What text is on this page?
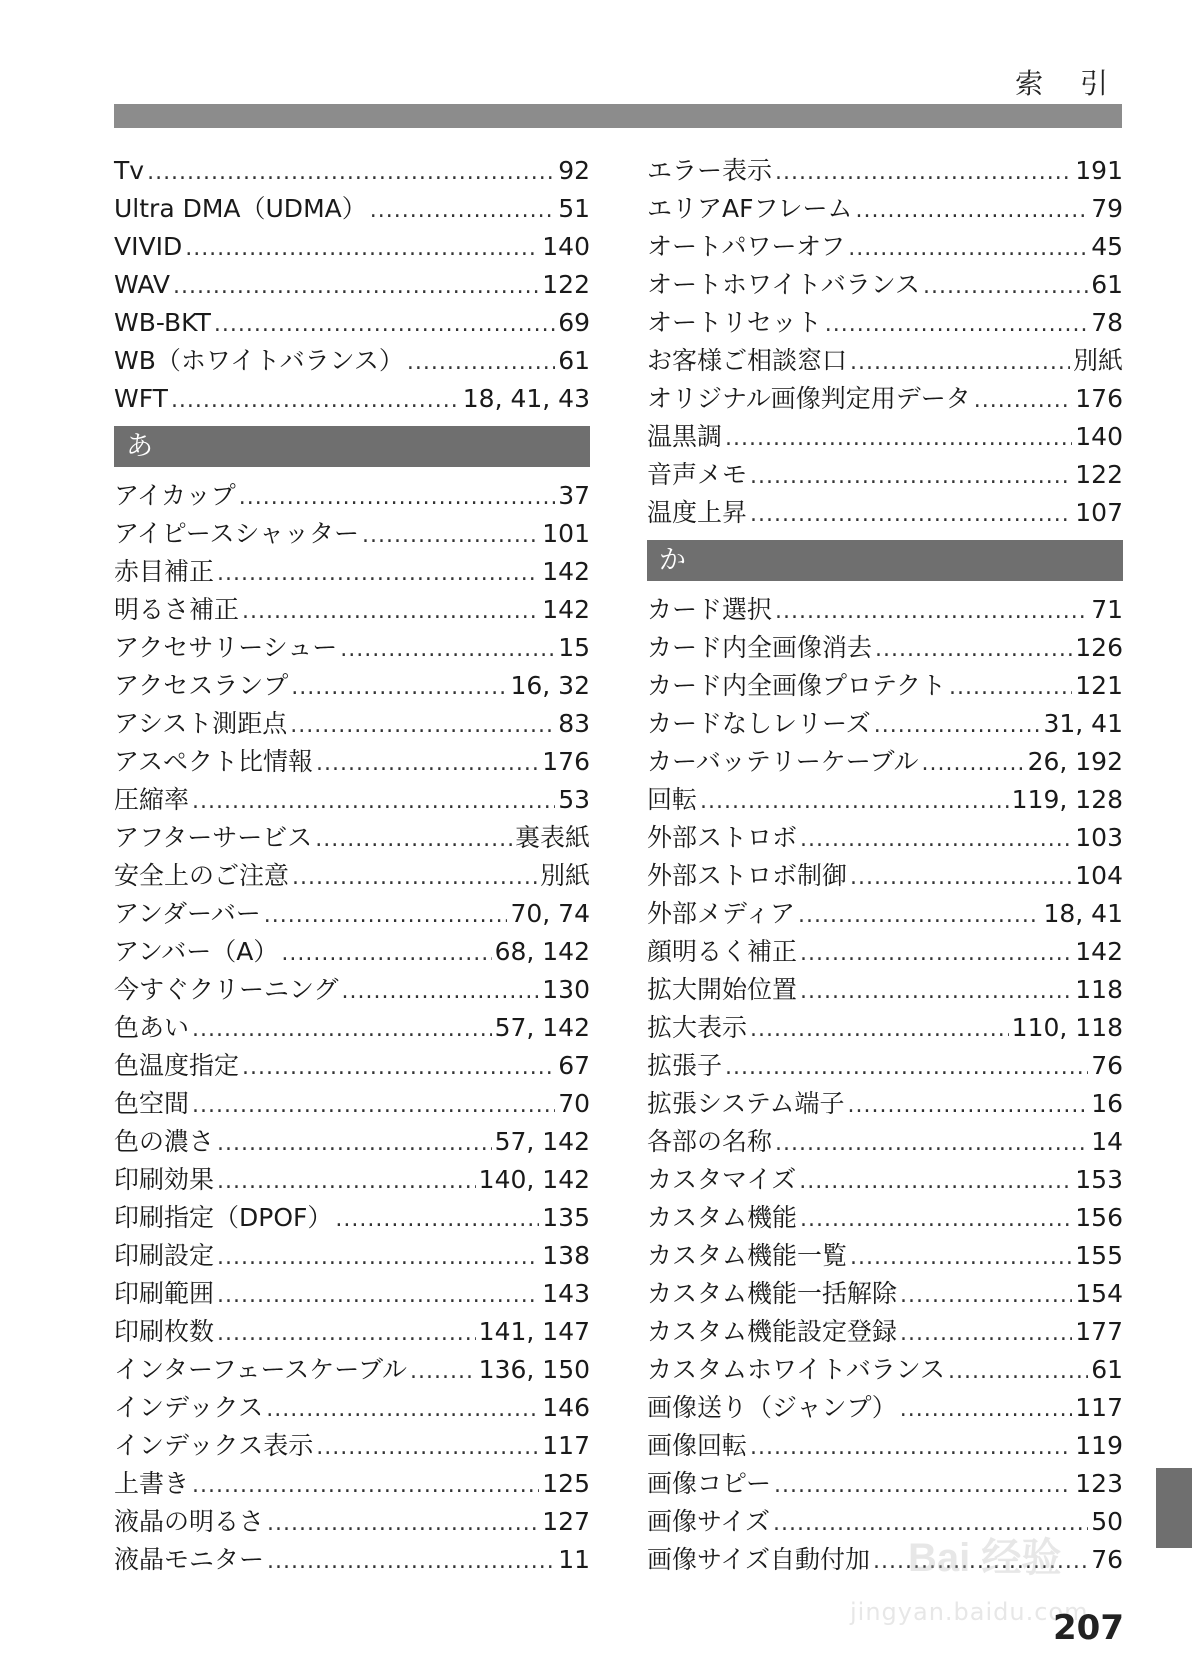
索 引
Tv .....	92
Ultra DMA（UDMA） .....	51
VIVID .....	140
WAV .....	122
WB-BKT .....	69
WB（ホワイトバランス） .....	61
WFT .....	18, 41, 43
あ
アイカップ .....	37
アイピースシャッター .....	101
赤目補正 .....	142
明るさ補正 .....	142
アクセサリーシュー .....	15
アクセスランプ .....	16, 32
アシスト測距点 .....	83
アスペクト比情報 .....	176
圧縮率 .....	53
アフターサービス .....	裏表紙
安全上のご注意 .....	別紙
アンダーバー .....	70, 74
アンバー（A） .....	68, 142
今すぐクリーニング .....	130
色あい .....	57, 142
色温度指定 .....	67
色空間 .....	70
色の濃さ .....	57, 142
印刷効果 .....	140, 142
印刷指定（DPOF） .....	135
印刷設定 .....	138
印刷範囲 .....	143
印刷枚数 .....	141, 147
インターフェースケーブル .....	136, 150
インデックス .....	146
インデックス表示 .....	117
上書き .....	125
液晶の明るさ .....	127
液晶モニター .....	11
エラー表示 .....	191
エリアAFフレーム .....	79
オートパワーオフ .....	45
オートホワイトバランス .....	61
オートリセット .....	78
お客様ご相談窓口 .....	別紙
オリジナル画像判定用データ .....	176
温黒調 .....	140
音声メモ .....	122
温度上昇 .....	107
か
カード選択 .....	71
カード内全画像消去 .....	126
カード内全画像プロテクト .....	121
カードなしレリーズ .....	31, 41
カーバッテリーケーブル .....	26, 192
回転 .....	119, 128
外部ストロボ .....	103
外部ストロボ制御 .....	104
外部メディア .....	18, 41
顔明るく補正 .....	142
拡大開始位置 .....	118
拡大表示 .....	110, 118
拡張子 .....	76
拡張システム端子 .....	16
各部の名称 .....	14
カスタマイズ .....	153
カスタム機能 .....	156
カスタム機能一覧 .....	155
カスタム機能一括解除 .....	154
カスタム機能設定登録 .....	177
カスタムホワイトバランス .....	61
画像送り（ジャンプ） .....	117
画像回転 .....	119
画像コピー .....	123
画像サイズ .....	50
画像サイズ自動付加 .....	76
Bai 经验
jingyan.baidu.com
207
